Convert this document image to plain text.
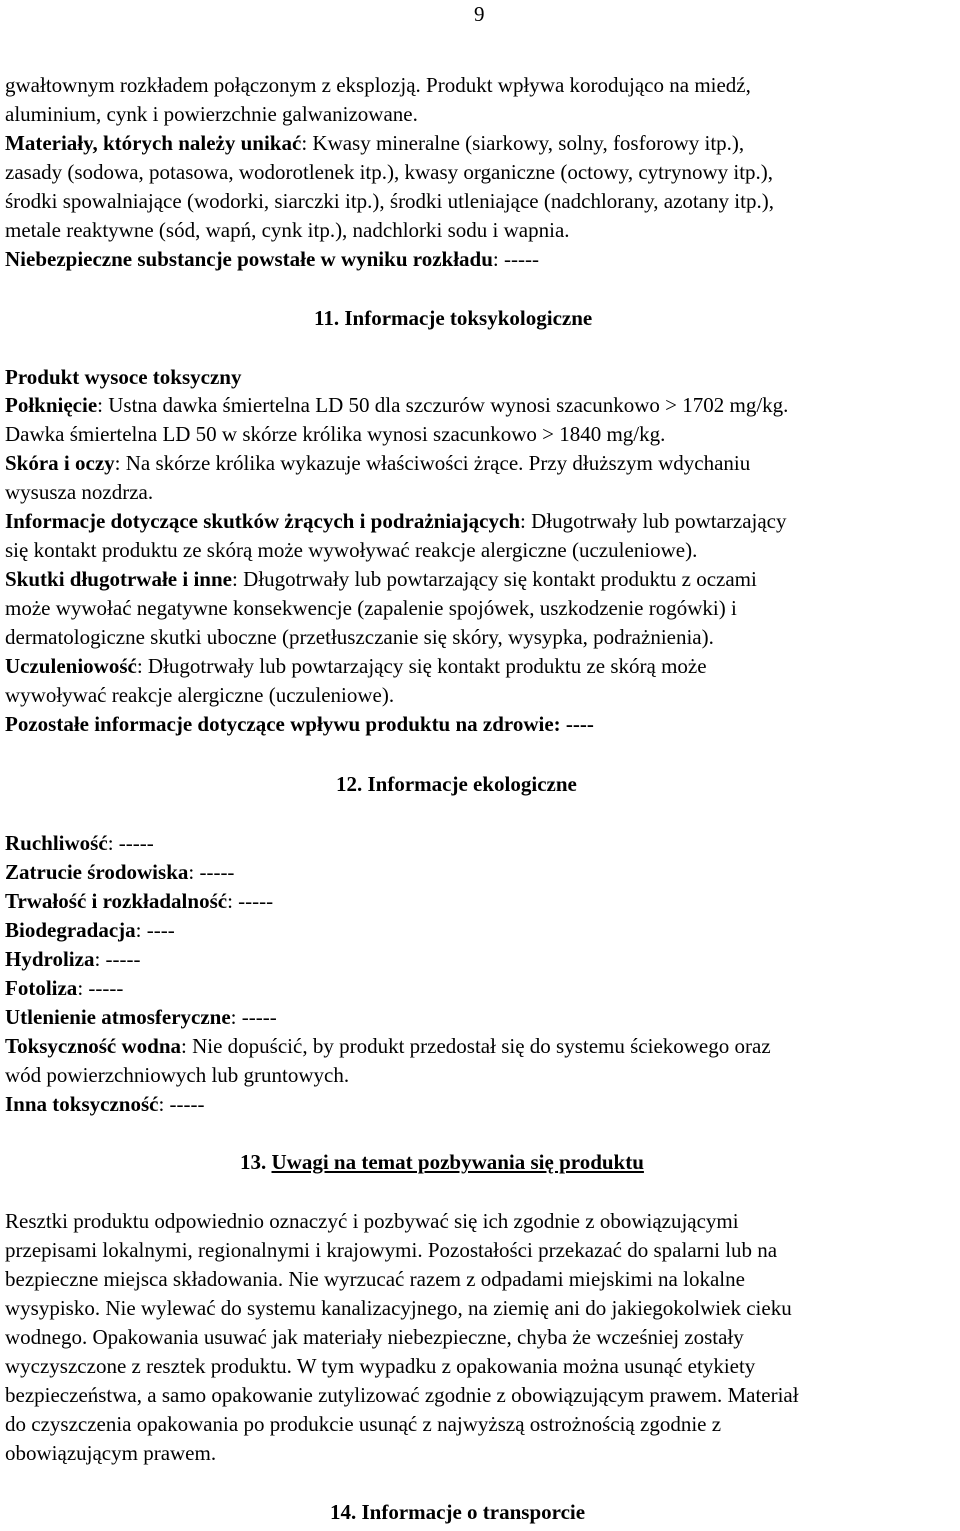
9
gwałtownym rozkładem połączonym z eksplozją. Produkt wpływa korodująco na miedź,
aluminium, cynk i powierzchnie galwanizowane.
Materiały, których należy unikać: Kwasy mineralne (siarkowy, solny, fosforowy itp.),
zasady (sodowa, potasowa, wodorotlenek itp.), kwasy organiczne (octowy, cytrynowy itp.),
środki spowalniające (wodorki, siarczki itp.), środki utleniające (nadchlorany, azotany itp.),
metale reaktywne (sód, wapń, cynk itp.), nadchlorki sodu i wapnia.
Niebezpieczne substancje powstałe w wyniku rozkładu: -----
11. Informacje toksykologiczne
Produkt wysoce toksyczny
Połknięcie: Ustna dawka śmiertelna LD 50 dla szczurów wynosi szacunkowo > 1702 mg/kg.
Dawka śmiertelna LD 50 w skórze królika wynosi szacunkowo > 1840 mg/kg.
Skóra i oczy: Na skórze królika wykazuje właściwości żrące. Przy dłuższym wdychaniu
wysusza nozdrza.
Informacje dotyczące skutków żrących i podrażniających: Długotrwały lub powtarzający
się kontakt produktu ze skórą może wywoływać reakcje alergiczne (uczuleniowe).
Skutki długotrwałe i inne: Długotrwały lub powtarzający się kontakt produktu z oczami
może wywołać negatywne konsekwencje (zapalenie spojówek, uszkodzenie rogówki) i
dermatologiczne skutki uboczne (przetłuszczanie się skóry, wysypka, podrażnienia).
Uczuleniowość: Długotrwały lub powtarzający się kontakt produktu ze skórą może
wywoływać reakcje alergiczne (uczuleniowe).
Pozostałe informacje dotyczące wpływu produktu na zdrowie: ----
12. Informacje ekologiczne
Ruchliwość: -----
Zatrucie środowiska: -----
Trwałość i rozkładalność: -----
Biodegradacja: ----
Hydroliza: -----
Fotoliza: -----
Utlenienie atmosferyczne: -----
Toksyczność wodna: Nie dopuścić, by produkt przedostał się do systemu ściekowego oraz
wód powierzchniowych lub gruntowych.
Inna toksyczność: -----
13. Uwagi na temat pozbywania się produktu
Resztki produktu odpowiednio oznaczyć i pozbywać się ich zgodnie z obowiązującymi
przepisami lokalnymi, regionalnymi i krajowymi. Pozostałości przekazać do spalarni lub na
bezpieczne miejsca składowania. Nie wyrzucać razem z odpadami miejskimi na lokalne
wysypisko. Nie wylewać do systemu kanalizacyjnego, na ziemię ani do jakiegokolwiek cieku
wodnego. Opakowania usuwać jak materiały niebezpieczne, chyba że wcześniej zostały
wyczyszczone z resztek produktu. W tym wypadku z opakowania można usunąć etykiety
bezpieczeństwa, a samo opakowanie zutylizować zgodnie z obowiązującym prawem. Materiał
do czyszczenia opakowania po produkcie usunąć z najwyższą ostrożnością zgodnie z
obowiązującym prawem.
14. Informacje o transporcie
